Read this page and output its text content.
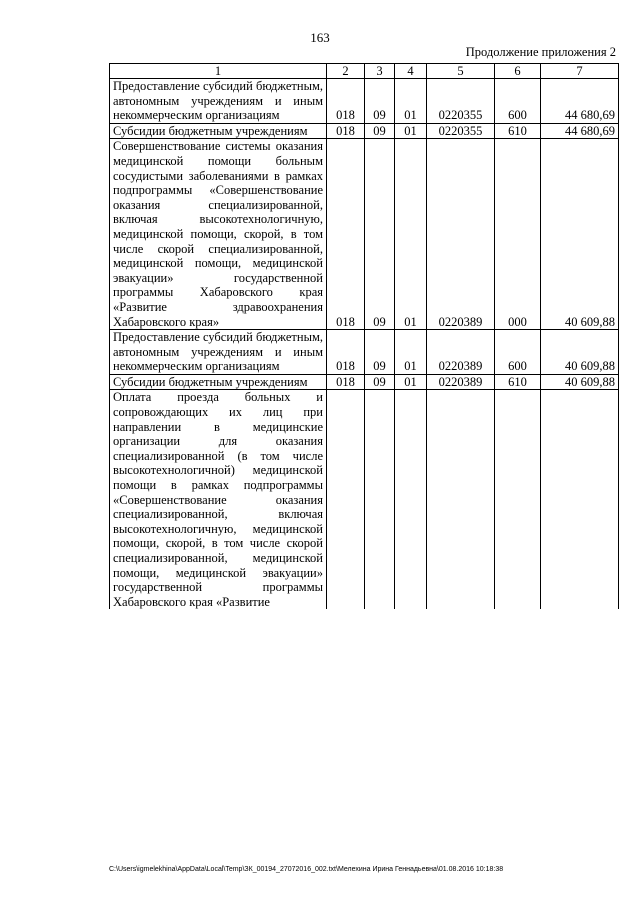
163
Продолжение приложения 2
1	2	3	4	5	6	7
Предоставление субсидий бюджетным, автономным учреждениям и иным некоммерческим организациям	018	09	01	0220355	600	44 680,69
Субсидии бюджетным учреждениям	018	09	01	0220355	610	44 680,69
Совершенствование системы оказания медицинской помощи больным сосудистыми заболеваниями в рамках подпрограммы «Совершенствование оказания специализированной, включая высокотехнологичную, медицинской помощи, скорой, в том числе скорой специализированной, медицинской помощи, медицинской эвакуации» государственной программы Хабаровского края «Развитие здравоохранения Хабаровского края»	018	09	01	0220389	000	40 609,88
Предоставление субсидий бюджетным, автономным учреждениям и иным некоммерческим организациям	018	09	01	0220389	600	40 609,88
Субсидии бюджетным учреждениям	018	09	01	0220389	610	40 609,88
Оплата проезда больных и сопровождающих их лиц при направлении в медицинские организации для оказания специализированной (в том числе высокотехнологичной) медицинской помощи в рамках подпрограммы «Совершенствование оказания специализированной, включая высокотехнологичную, медицинской помощи, скорой, в том числе скорой специализированной, медицинской помощи, медицинской эвакуации» государственной программы Хабаровского края «Развитие						
C:\Users\igmelekhina\AppData\Local\Temp\ЗК_00194_27072016_002.txt\Мелехина Ирина Геннадьевна\01.08.2016 10:18:38
